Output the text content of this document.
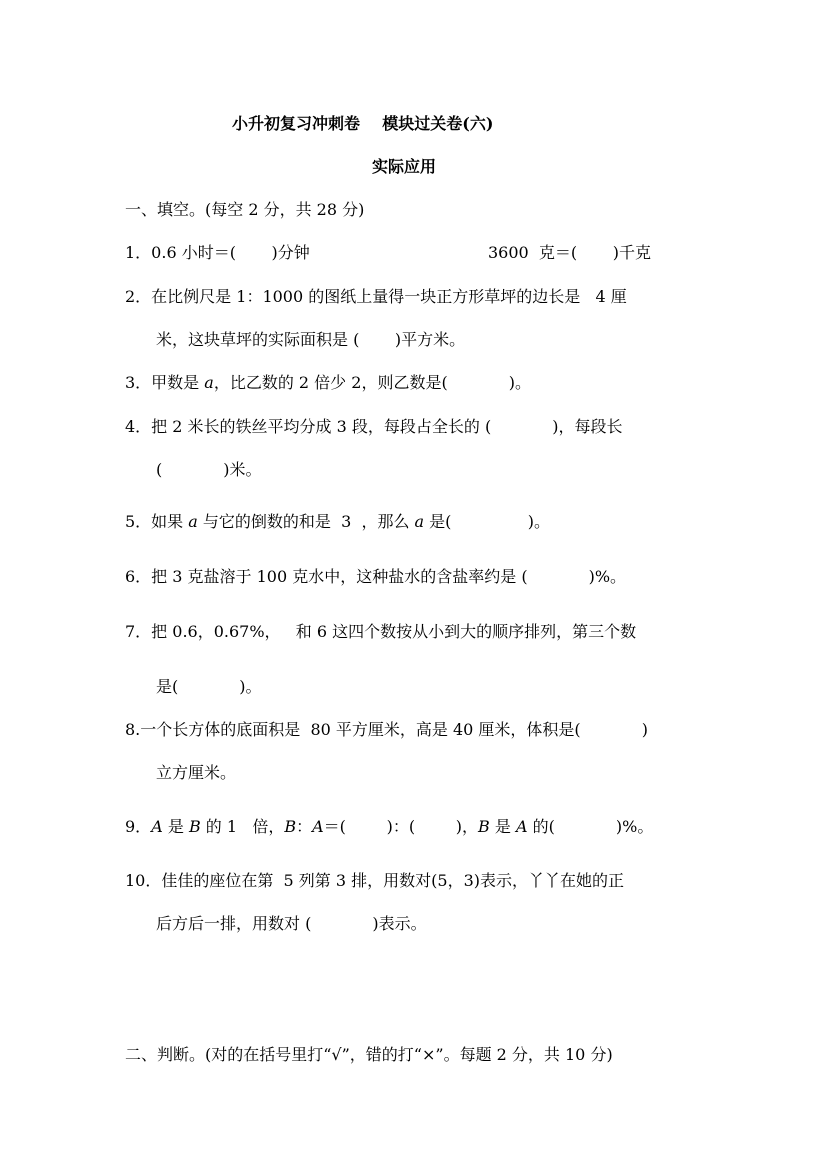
小升初复习冲刺卷    模块过关卷(六)
实际应用
一、填空。(每空 2 分，共 28 分)
1．0.6 小时＝(       )分钟	3600  克＝(       )千克
2．在比例尺是 1：1000 的图纸上量得一块正方形草坪的边长是   4 厘
米，这块草坪的实际面积是 (       )平方米。
3．甲数是 a，比乙数的 2 倍少 2，则乙数是(            )。
4．把 2 米长的铁丝平均分成 3 段，每段占全长的 (            )，每段长
(            )米。
5．如果 a 与它的倒数的和是  3  ，那么 a 是(               )。
6．把 3 克盐溶于 100 克水中，这种盐水的含盐率约是 (            )%。
7．把 0.6，0.67%，   和 6 这四个数按从小到大的顺序排列，第三个数
是(            )。
8.一个长方体的底面积是  80 平方厘米，高是 40 厘米，体积是(            )
立方厘米。
9．A 是 B 的 1   倍，B：A＝(        )：(        )，B 是 A 的(            )%。
10．佳佳的座位在第  5 列第 3 排，用数对(5，3)表示，丫丫在她的正
后方后一排，用数对 (            )表示。
二、判断。(对的在括号里打“√”，错的打“×”。每题 2 分，共 10 分)
